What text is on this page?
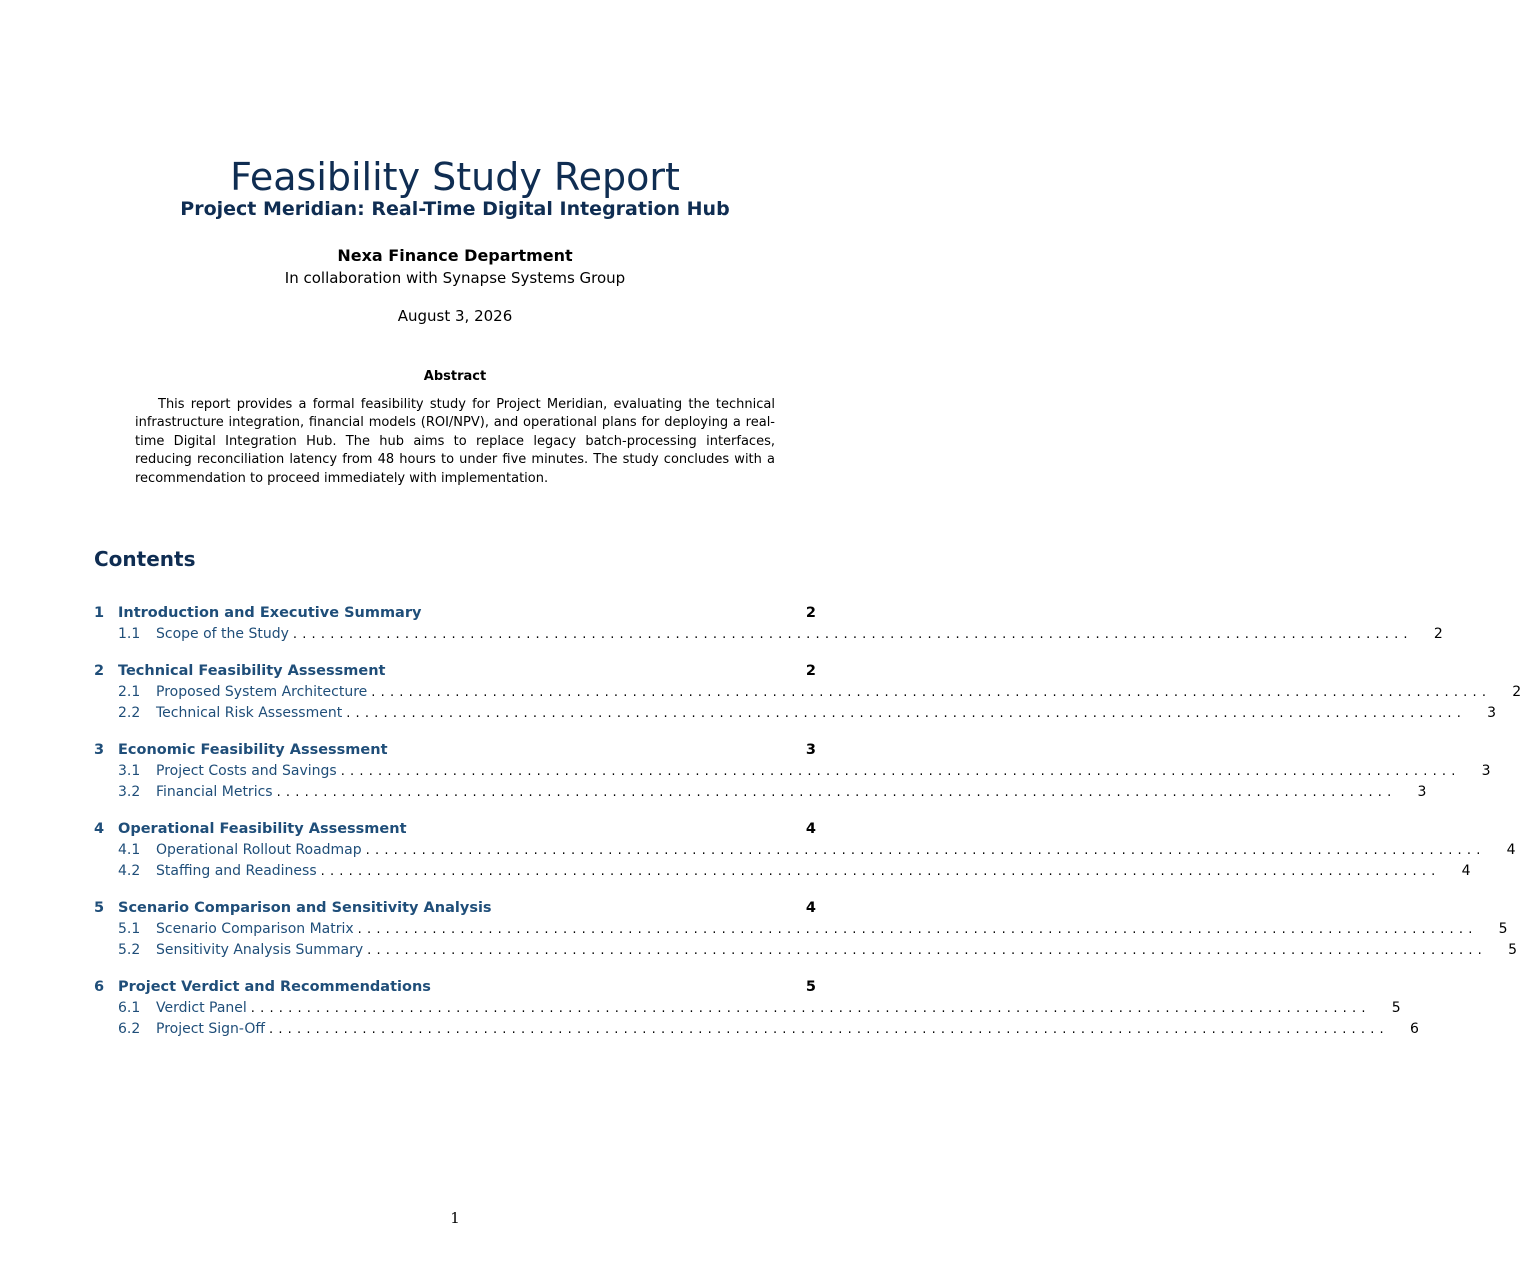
Feasibility Study Report
Project Meridian: Real-Time Digital Integration Hub
Nexa Finance Department
In collaboration with Synapse Systems Group
August 3, 2026
Abstract
This report provides a formal feasibility study for Project Meridian, evaluating the technical infrastructure integration, financial models (ROI/NPV), and operational plans for deploying a real-time Digital Integration Hub. The hub aims to replace legacy batch-processing interfaces, reducing reconciliation latency from 48 hours to under five minutes. The study concludes with a recommendation to proceed immediately with implementation.
Contents
1 Introduction and Executive Summary	2
1.1	Scope of the Study ........................................................................................................................	2
2 Technical Feasibility Assessment	2
2.1	Proposed System Architecture ........................................................................................................................	2
2.2	Technical Risk Assessment ........................................................................................................................	3
3 Economic Feasibility Assessment	3
3.1	Project Costs and Savings ........................................................................................................................	3
3.2	Financial Metrics ........................................................................................................................	3
4 Operational Feasibility Assessment	4
4.1	Operational Rollout Roadmap ........................................................................................................................	4
4.2	Staffing and Readiness ........................................................................................................................	4
5 Scenario Comparison and Sensitivity Analysis	4
5.1	Scenario Comparison Matrix ........................................................................................................................	5
5.2	Sensitivity Analysis Summary ........................................................................................................................	5
6 Project Verdict and Recommendations	5
6.1	Verdict Panel ........................................................................................................................	5
6.2	Project Sign-Off ........................................................................................................................	6
1
